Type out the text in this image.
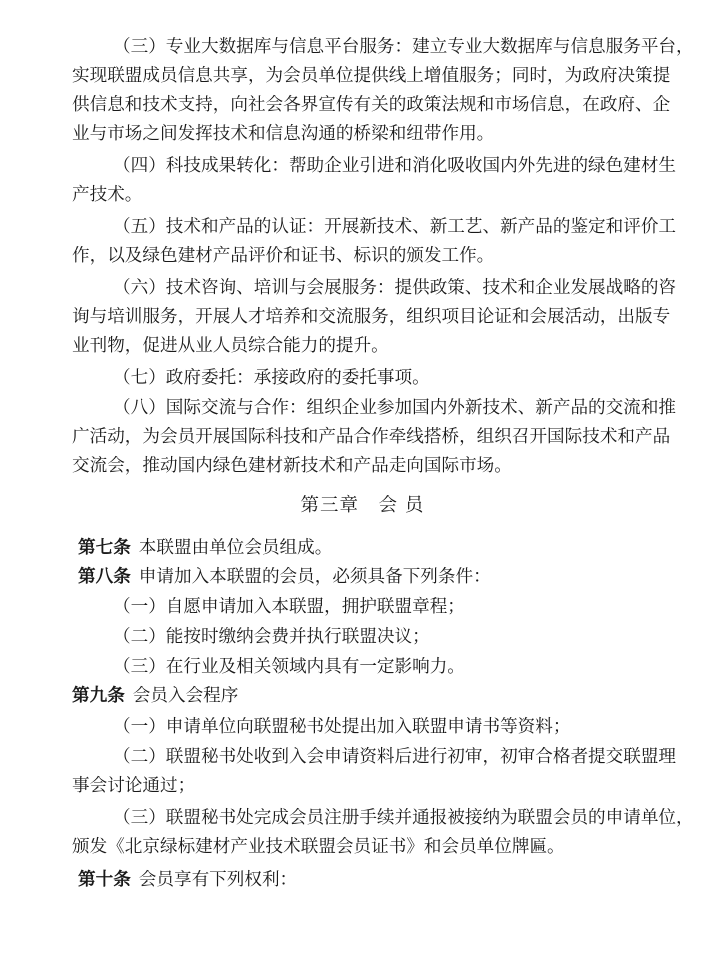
（三）专业大数据库与信息平台服务：建立专业大数据库与信息服务平台，
实现联盟成员信息共享，为会员单位提供线上增值服务；同时，为政府决策提
供信息和技术支持，向社会各界宣传有关的政策法规和市场信息，在政府、企
业与市场之间发挥技术和信息沟通的桥梁和纽带作用。
（四）科技成果转化：帮助企业引进和消化吸收国内外先进的绿色建材生
产技术。
（五）技术和产品的认证：开展新技术、新工艺、新产品的鉴定和评价工
作，以及绿色建材产品评价和证书、标识的颁发工作。
（六）技术咨询、培训与会展服务：提供政策、技术和企业发展战略的咨
询与培训服务，开展人才培养和交流服务，组织项目论证和会展活动，出版专
业刊物，促进从业人员综合能力的提升。
（七）政府委托：承接政府的委托事项。
（八）国际交流与合作：组织企业参加国内外新技术、新产品的交流和推
广活动，为会员开展国际科技和产品合作牵线搭桥，组织召开国际技术和产品
交流会，推动国内绿色建材新技术和产品走向国际市场。
第三章　会 员
第七条 本联盟由单位会员组成。
第八条 申请加入本联盟的会员，必须具备下列条件：
（一）自愿申请加入本联盟，拥护联盟章程；
（二）能按时缴纳会费并执行联盟决议；
（三）在行业及相关领域内具有一定影响力。
第九条 会员入会程序
（一）申请单位向联盟秘书处提出加入联盟申请书等资料；
（二）联盟秘书处收到入会申请资料后进行初审，初审合格者提交联盟理
事会讨论通过；
（三）联盟秘书处完成会员注册手续并通报被接纳为联盟会员的申请单位，
颁发《北京绿标建材产业技术联盟会员证书》和会员单位牌匾。
第十条 会员享有下列权利：
